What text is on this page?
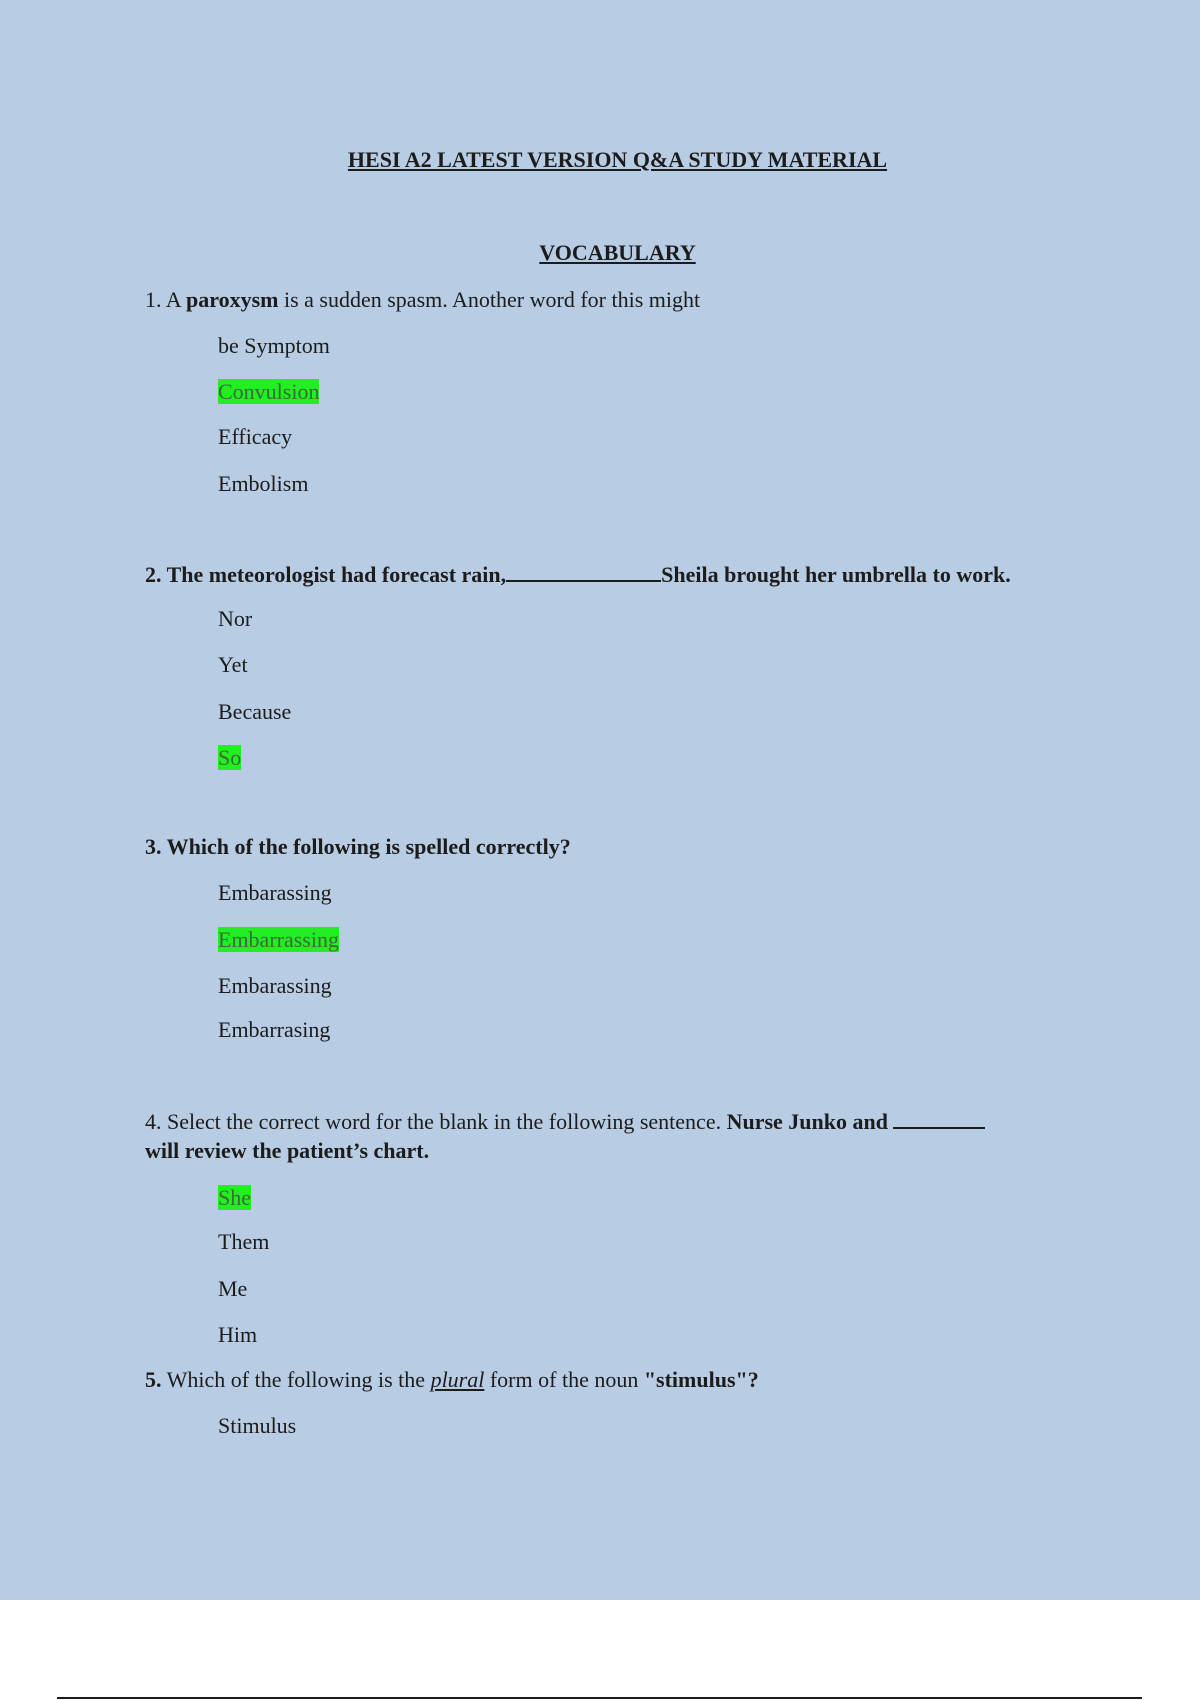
HESI A2 LATEST VERSION Q&A STUDY MATERIAL
VOCABULARY
1. A paroxysm is a sudden spasm. Another word for this might
be Symptom
Convulsion
Efficacy
Embolism
2. The meteorologist had forecast rain,	Sheila brought her umbrella to work.
Nor
Yet
Because
So
3. Which of the following is spelled correctly?
Embarassing
Embarrassing
Embarassing
Embarrasing
4. Select the correct word for the blank in the following sentence. Nurse Junko and
will review the patient’s chart.
She
Them
Me
Him
5. Which of the following is the plural form of the noun "stimulus"?
Stimulus
